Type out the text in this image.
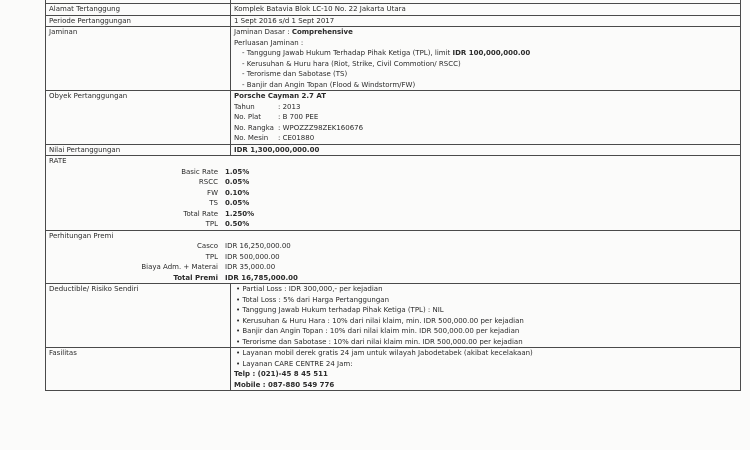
Alamat Tertanggung	Komplek Batavia Blok LC-10 No. 22 Jakarta Utara
Periode Pertanggungan	1 Sept 2016 s/d 1 Sept 2017
Jaminan	Jaminan Dasar : Comprehensive
Perluasan Jaminan :
- Tanggung Jawab Hukum Terhadap Pihak Ketiga (TPL), limit IDR 100,000,000.00
- Kerusuhan & Huru hara (Riot, Strike, Civil Commotion/ RSCC)
- Terorisme dan Sabotase (TS)
- Banjir dan Angin Topan (Flood & Windstorm/FW)

Obyek Pertanggungan	Porsche Cayman 2.7 AT
Tahun	: 2013
No. Plat	: B 700 PEE
No. Rangka	: WPOZZZ98ZEK160676
No. Mesin	: CE01880

Nilai Pertanggungan	IDR 1,300,000,000.00

RATE
Basic Rate	1.05%
RSCC	0.05%
FW	0.10%
TS	0.05%
Total Rate	1.250%
TPL	0.50%

Perhitungan Premi
Casco	IDR 16,250,000.00
TPL	IDR 500,000.00
Biaya Adm. + Materai	IDR 35,000.00
Total Premi	IDR 16,785,000.00

Deductible/ Risiko Sendiri	• Partial Loss : IDR 300,000,- per kejadian
• Total Loss : 5% dari Harga Pertanggungan
• Tanggung Jawab Hukum terhadap Pihak Ketiga (TPL) : NIL
• Kerusuhan & Huru Hara : 10% dari nilai klaim, min. IDR 500,000.00 per kejadian
• Banjir dan Angin Topan : 10% dari nilai klaim min. IDR 500,000.00 per kejadian
• Terorisme dan Sabotase : 10% dari nilai klaim min. IDR 500,000.00 per kejadian

Fasilitas	• Layanan mobil derek gratis 24 jam untuk wilayah Jabodetabek (akibat kecelakaan)
• Layanan CARE CENTRE 24 Jam:
Telp : (021)-45 8 45 511
Mobile : 087-880 549 776
